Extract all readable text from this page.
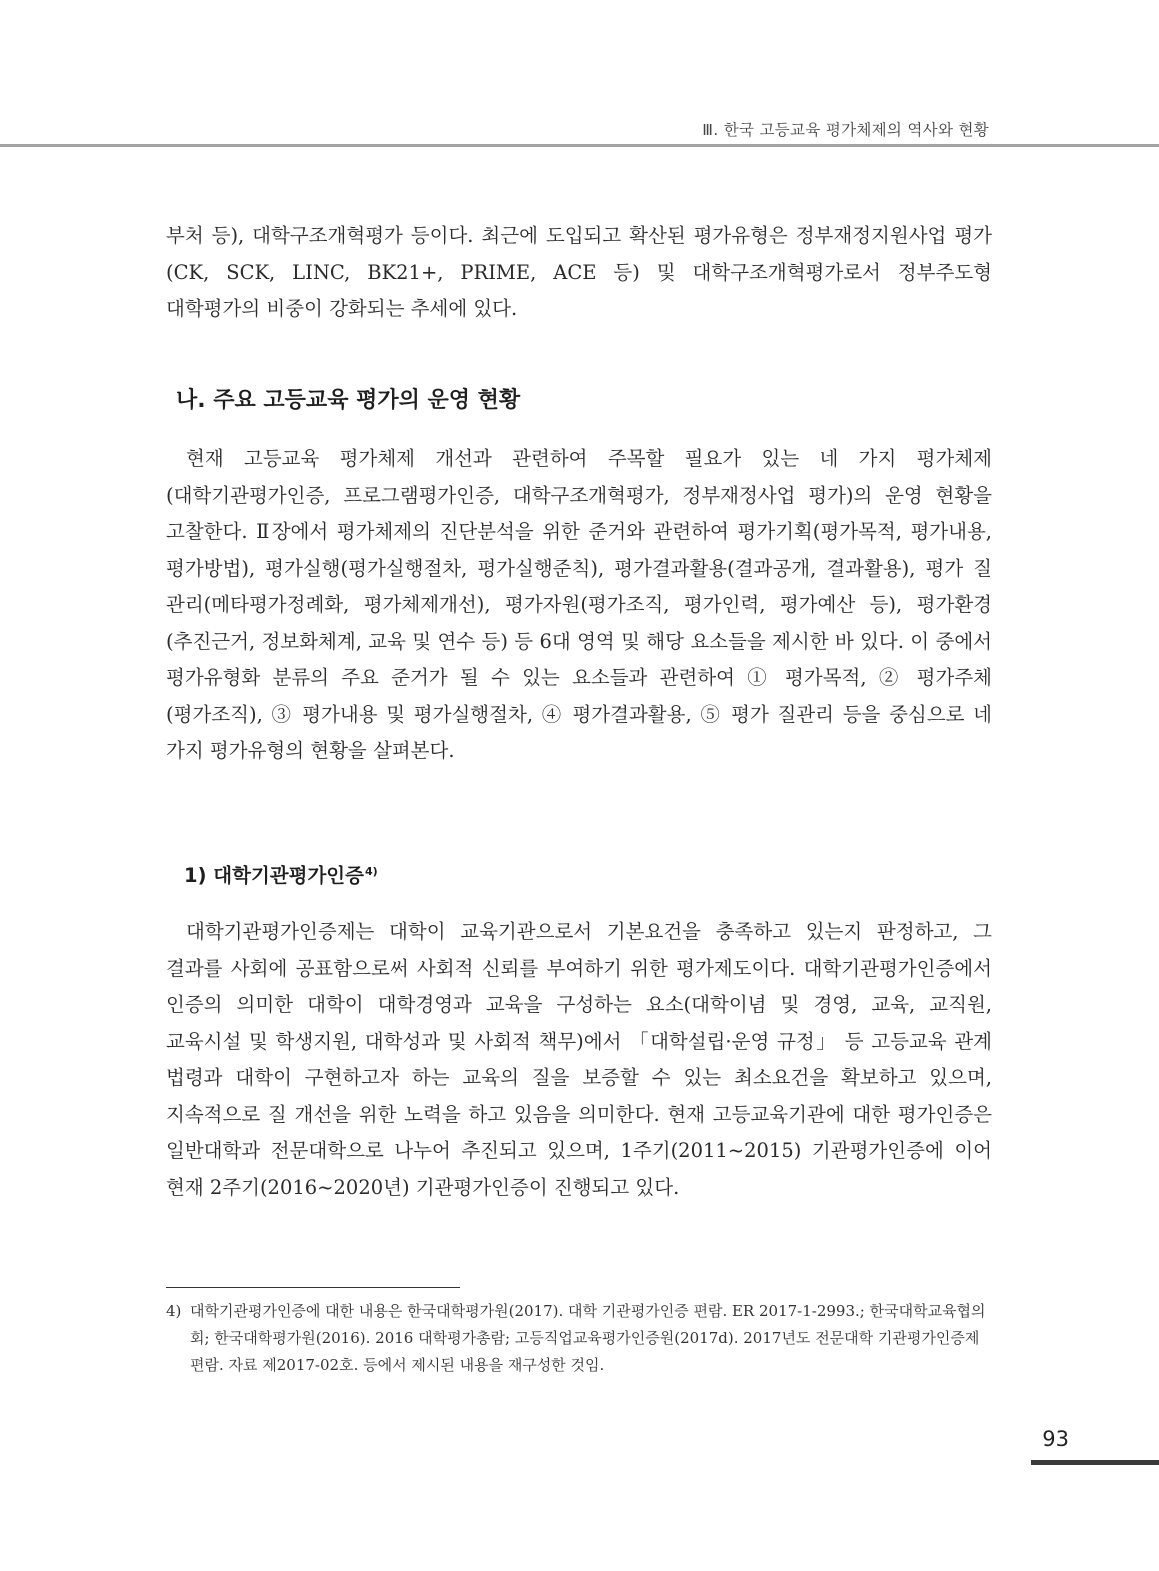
Ⅲ. 한국 고등교육 평가체제의 역사와 현황

부처 등), 대학구조개혁평가 등이다. 최근에 도입되고 확산된 평가유형은 정부재정지원사업 평가(CK, SCK, LINC, BK21+, PRIME, ACE 등) 및 대학구조개혁평가로서 정부주도형 대학평가의 비중이 강화되는 추세에 있다.

나. 주요 고등교육 평가의 운영 현황

현재 고등교육 평가체제 개선과 관련하여 주목할 필요가 있는 네 가지 평가체제(대학기관평가인증, 프로그램평가인증, 대학구조개혁평가, 정부재정사업 평가)의 운영 현황을 고찰한다. Ⅱ장에서 평가체제의 진단분석을 위한 준거와 관련하여 평가기획(평가목적, 평가내용, 평가방법), 평가실행(평가실행절차, 평가실행준칙), 평가결과활용(결과공개, 결과활용), 평가 질 관리(메타평가정례화, 평가체제개선), 평가자원(평가조직, 평가인력, 평가예산 등), 평가환경(추진근거, 정보화체계, 교육 및 연수 등) 등 6대 영역 및 해당 요소들을 제시한 바 있다. 이 중에서 평가유형화 분류의 주요 준거가 될 수 있는 요소들과 관련하여 ① 평가목적, ② 평가주체(평가조직), ③ 평가내용 및 평가실행절차, ④ 평가결과활용, ⑤ 평가 질관리 등을 중심으로 네 가지 평가유형의 현황을 살펴본다.

1) 대학기관평가인증$^{4)}$

대학기관평가인증제는 대학이 교육기관으로서 기본요건을 충족하고 있는지 판정하고, 그 결과를 사회에 공표함으로써 사회적 신뢰를 부여하기 위한 평가제도이다. 대학기관평가인증에서 인증의 의미한 대학이 대학경영과 교육을 구성하는 요소(대학이념 및 경영, 교육, 교직원, 교육시설 및 학생지원, 대학성과 및 사회적 책무)에서 「대학설립·운영 규정」 등 고등교육 관계 법령과 대학이 구현하고자 하는 교육의 질을 보증할 수 있는 최소요건을 확보하고 있으며, 지속적으로 질 개선을 위한 노력을 하고 있음을 의미한다. 현재 고등교육기관에 대한 평가인증은 일반대학과 전문대학으로 나누어 추진되고 있으며, 1주기(2011~2015) 기관평가인증에 이어 현재 2주기(2016~2020년) 기관평가인증이 진행되고 있다.

4) 대학기관평가인증에 대한 내용은 한국대학평가원(2017). 대학 기관평가인증 편람. ER 2017-1-2993.; 한국대학교육협의회; 한국대학평가원(2016). 2016 대학평가총람; 고등직업교육평가인증원(2017d). 2017년도 전문대학 기관평가인증제 편람. 자료 제2017-02호. 등에서 제시된 내용을 재구성한 것임.
93
